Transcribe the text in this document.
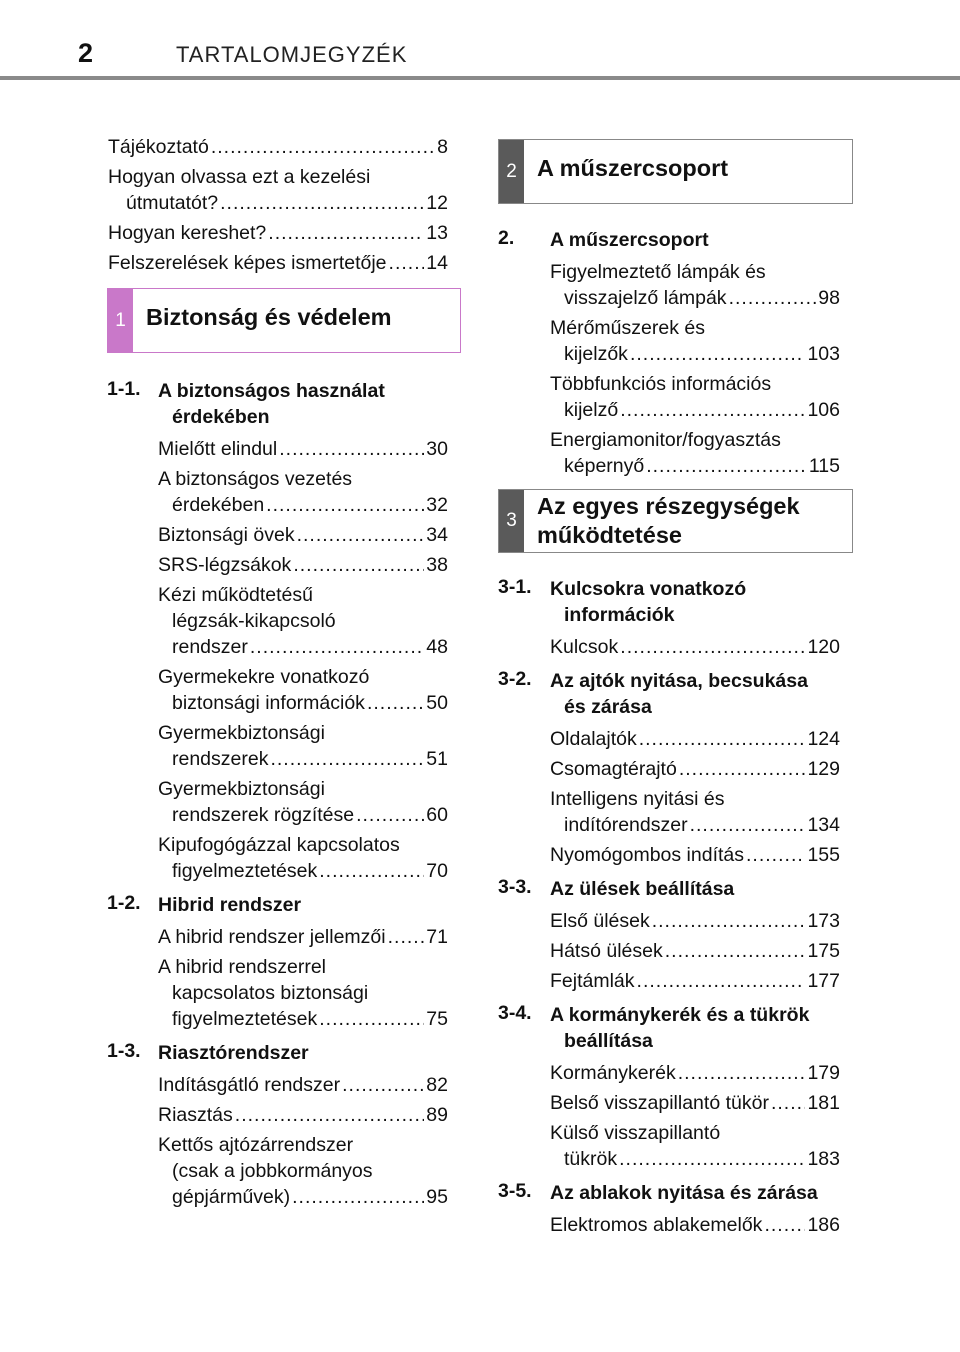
2	TARTALOMJEGYZÉK
Tájékoztató .....	8
Hogyan olvassa ezt a kezelési
útmutatót? .....	12
Hogyan kereshet? .....	13
Felszerelések képes ismertetője ..... 14
1 Biztonság és védelem
1-1. A biztonságos használat
érdekében
Mielőtt elindul .....	30
A biztonságos vezetés
érdekében .....	32
Biztonsági övek .....	34
SRS-légzsákok .....	38
Kézi működtetésű
légzsák-kikapcsoló
rendszer .....	48
Gyermekekre vonatkozó
biztonsági információk .....	50
Gyermekbiztonsági
rendszerek .....	51
Gyermekbiztonsági
rendszerek rögzítése .....	60
Kipufogógázzal kapcsolatos
figyelmeztetések .....	70
1-2. Hibrid rendszer
A hibrid rendszer jellemzői ..... 71
A hibrid rendszerrel
kapcsolatos biztonsági
figyelmeztetések .....	75
1-3. Riasztórendszer
Indításgátló rendszer .....	82
Riasztás .....	89
Kettős ajtózárrendszer
(csak a jobbkormányos
gépjárművek) .....	95
2 A műszercsoport
2. A műszercsoport
Figyelmeztető lámpák és
visszajelző lámpák .....	98
Mérőműszerek és
kijelzők .....	103
Többfunkciós információs
kijelző .....	106
Energiamonitor/fogyasztás
képernyő .....	115
3
Az egyes részegységek
működtetése
3-1. Kulcsokra vonatkozó
információk
Kulcsok .....	120
3-2. Az ajtók nyitása, becsukása
és zárása
Oldalajtók .....	124
Csomagtérajtó .....	129
Intelligens nyitási és
indítórendszer .....	134
Nyomógombos indítás .....	155
3-3. Az ülések beállítása
Első ülések .....	173
Hátsó ülések .....	175
Fejtámlák .....	177
3-4. A kormánykerék és a tükrök
beállítása
Kormánykerék .....	179
Belső visszapillantó tükör ..... 181
Külső visszapillantó
tükrök .....	183
3-5. Az ablakok nyitása és zárása
Elektromos ablakemelők ..... 186
